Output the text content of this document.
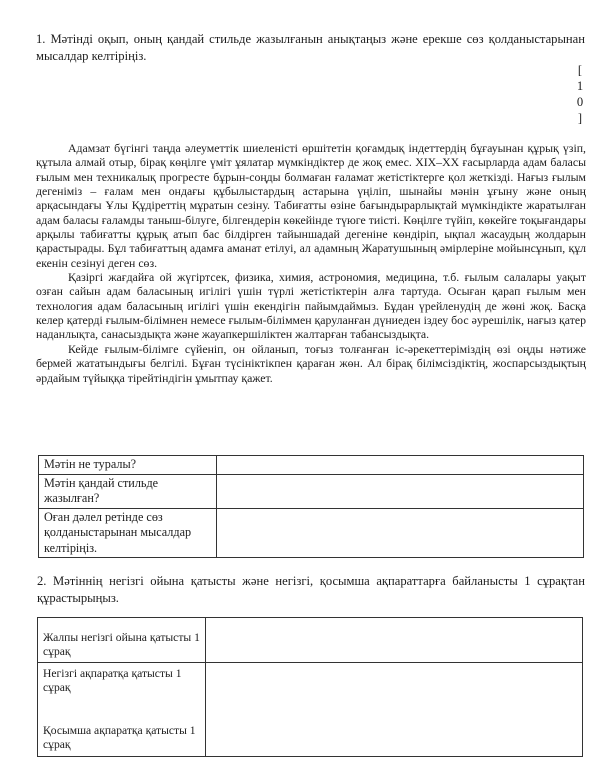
1. Мәтінді оқып, оның қандай стильде жазылғанын анықтаңыз және ерекше сөз қолданыстарынан мысалдар келтіріңіз.
[
1
0
]

Адамзат бүгінгі таңда әлеуметтік шиеленісті өршітетін қоғамдық індеттердің бұғауынан құрық үзіп, құтыла алмай отыр, бірақ көңілге үміт ұялатар мүмкіндіктер де жоқ емес. XIX–XX ғасырларда адам баласы ғылым мен техникалық прогресте бұрын-соңды болмаған ғаламат жетістіктерге қол жеткізді. Нағыз ғылым дегеніміз – ғалам мен ондағы құбылыстардың астарына үңіліп, шынайы мәнін ұғыну және оның арқасындағы Ұлы Құдіреттің мұратын сезіну. Табиғатты өзіне бағындырарлықтай мүмкіндікте жаратылған адам баласы ғаламды таныш-білуге, білгендерін көкейінде түюге тиісті. Көңілге түйіп, көкейге тоқығандары арқылы табиғатты құрық атып бас білдірген тайыншадай дегеніне көндіріп, ықпал жасаудың жолдарын қарастырады. Бұл табиғаттың адамға аманат етілуі, ал адамның Жаратушының әмірлеріне мойынсұнып, құл екенін сезінуі деген сөз.

Қазіргі жағдайға ой жүгіртсек, физика, химия, астрономия, медицина, т.б. ғылым салалары уақыт озған сайын адам баласының игілігі үшін түрлі жетістіктерін алға тартуда. Осыған қарап ғылым мен технология адам баласының игілігі үшін екендігін пайымдаймыз. Бұдан үрейленудің де жөні жоқ. Басқа келер қатерді ғылым-білімнен немесе ғылым-біліммен қаруланған дүниеден іздеу бос әурешілік, нағыз қатер наданлықта, санасыздықта және жауапкершіліктен жалтарған табансыздықта.

Кейде ғылым-білімге сүйеніп, он ойланып, тоғыз толғанған іс-әрекеттеріміздің өзі оңды нәтиже бермей жататындығы белгілі. Бұған түсініктікпен қараған жөн. Ал бірақ білімсіздіктің, жоспарсыздықтың әрдайым түйыққа тірейтіндігін ұмытпау қажет.

Мәтін не туралы?	
Мәтін қандай стильде жазылған?	
Оған дәлел ретінде сөз қолданыстарынан мысалдар келтіріңіз.	
2. Мәтіннің негізгі ойына қатысты және негізгі, қосымша ақпараттарға байланысты 1 сұрақтан құрастырыңыз.
Жалпы негізгі ойына қатысты 1 сұрақ	

Негізгі ақпаратқа қатысты 1 сұрақ
Қосымша ақпаратқа қатысты 1 сұрақ	
